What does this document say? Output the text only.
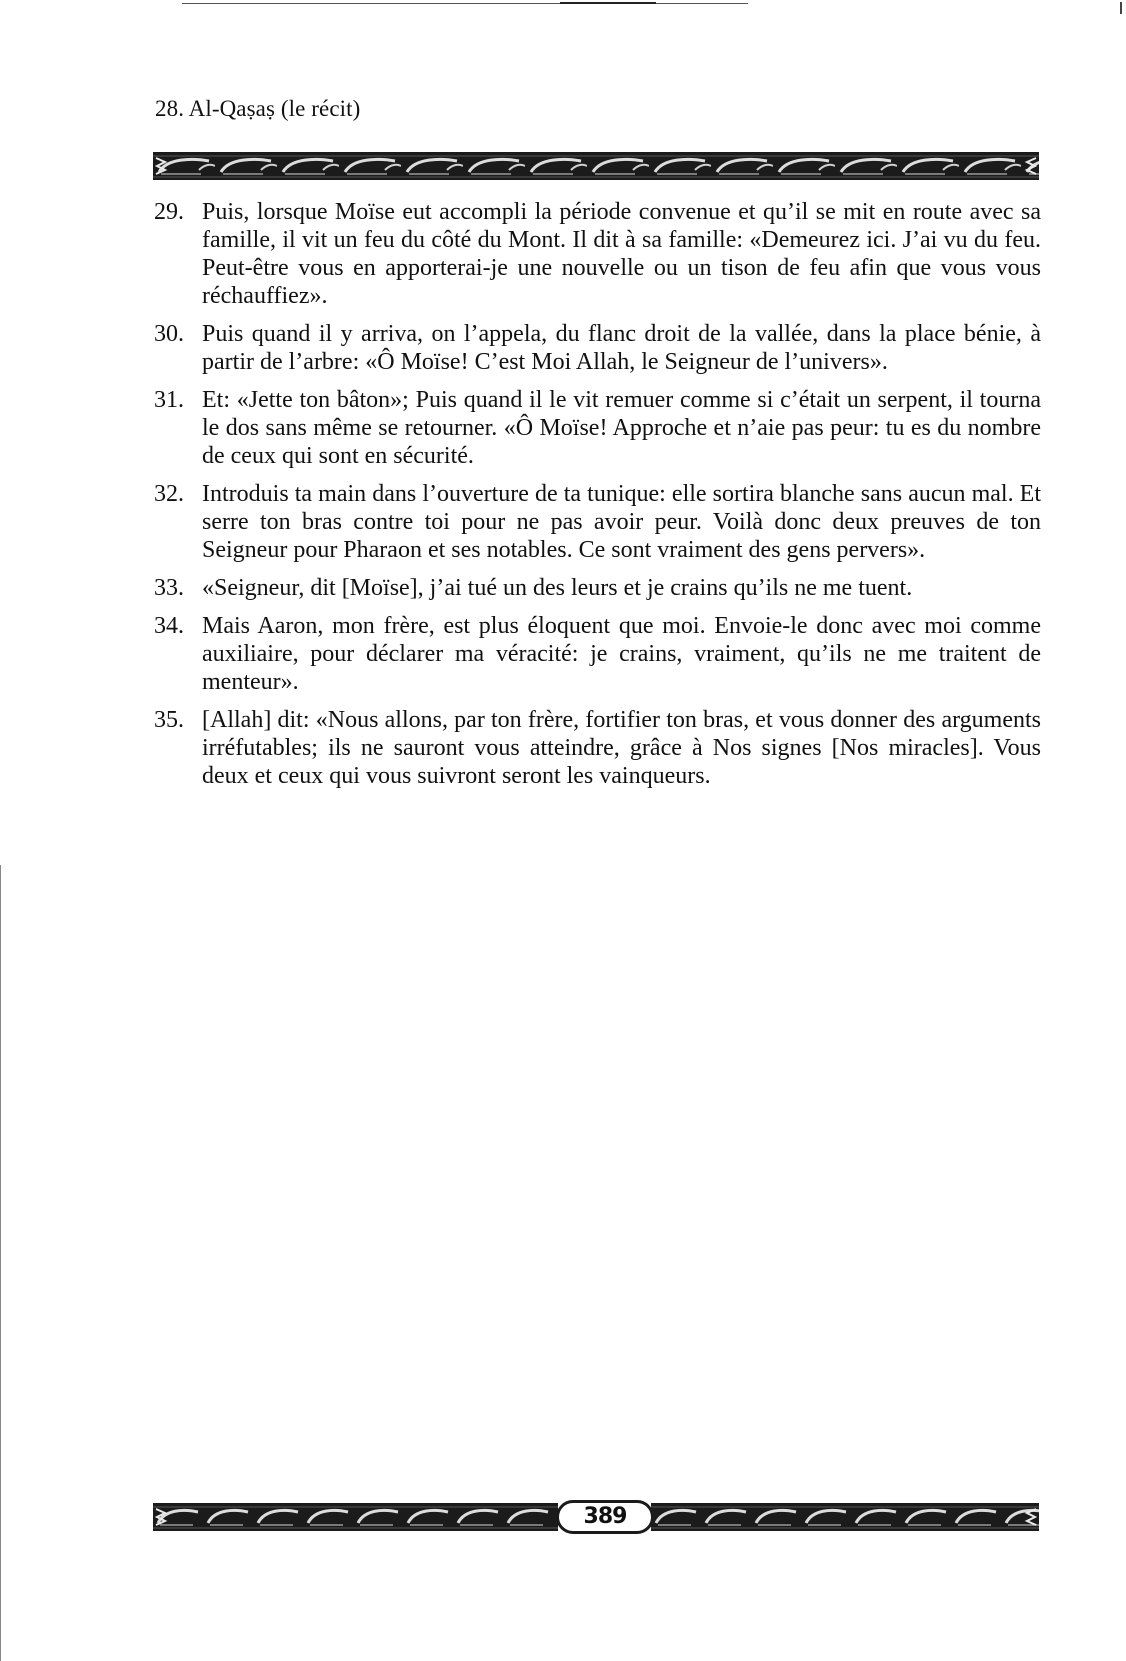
28. Al-Qaṣaṣ (le récit)
29. Puis, lorsque Moïse eut accompli la période convenue et qu’il se mit en route avec sa famille, il vit un feu du côté du Mont. Il dit à sa famille: «Demeurez ici. J’ai vu du feu. Peut-être vous en apporterai-je une nouvelle ou un tison de feu afin que vous vous réchauffiez».
30. Puis quand il y arriva, on l’appela, du flanc droit de la vallée, dans la place bénie, à partir de l’arbre: «Ô Moïse! C’est Moi Allah, le Seigneur de l’univers».
31. Et: «Jette ton bâton»; Puis quand il le vit remuer comme si c’était un serpent, il tourna le dos sans même se retourner. «Ô Moïse! Approche et n’aie pas peur: tu es du nombre de ceux qui sont en sécurité.
32. Introduis ta main dans l’ouverture de ta tunique: elle sortira blanche sans aucun mal. Et serre ton bras contre toi pour ne pas avoir peur. Voilà donc deux preuves de ton Seigneur pour Pharaon et ses notables. Ce sont vraiment des gens pervers».
33. «Seigneur, dit [Moïse], j’ai tué un des leurs et je crains qu’ils ne me tuent.
34. Mais Aaron, mon frère, est plus éloquent que moi. Envoie-le donc avec moi comme auxiliaire, pour déclarer ma véracité: je crains, vraiment, qu’ils ne me traitent de menteur».
35. [Allah] dit: «Nous allons, par ton frère, fortifier ton bras, et vous donner des arguments irréfutables; ils ne sauront vous atteindre, grâce à Nos signes [Nos miracles]. Vous deux et ceux qui vous suivront seront les vainqueurs.
389
